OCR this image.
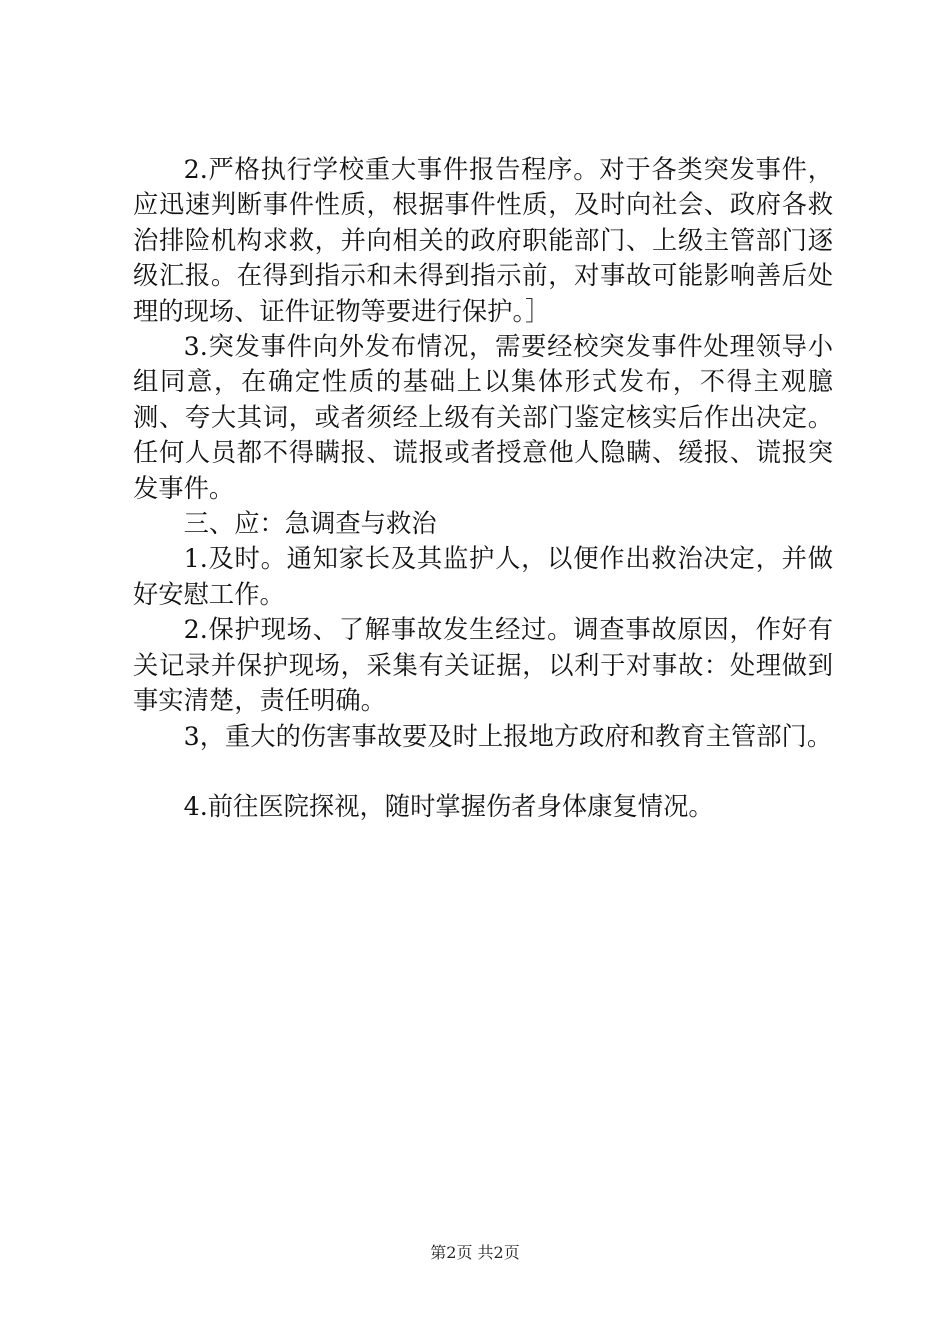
2.严格执行学校重大事件报告程序。对于各类突发事件，应迅速判断事件性质，根据事件性质，及时向社会、政府各救治排险机构求救，并向相关的政府职能部门、上级主管部门逐级汇报。在得到指示和未得到指示前，对事故可能影响善后处理的现场、证件证物等要进行保护。］

3.突发事件向外发布情况，需要经校突发事件处理领导小组同意，在确定性质的基础上以集体形式发布，不得主观臆测、夸大其词，或者须经上级有关部门鉴定核实后作出决定。任何人员都不得瞒报、谎报或者授意他人隐瞒、缓报、谎报突发事件。

三、应：急调查与救治

1.及时。通知家长及其监护人，以便作出救治决定，并做好安慰工作。

2.保护现场、了解事故发生经过。调查事故原因，作好有关记录并保护现场，采集有关证据，以利于对事故：处理做到事实清楚，责任明确。

3，重大的伤害事故要及时上报地方政府和教育主管部门。

4.前往医院探视，随时掌握伤者身体康复情况。

第2页 共2页
